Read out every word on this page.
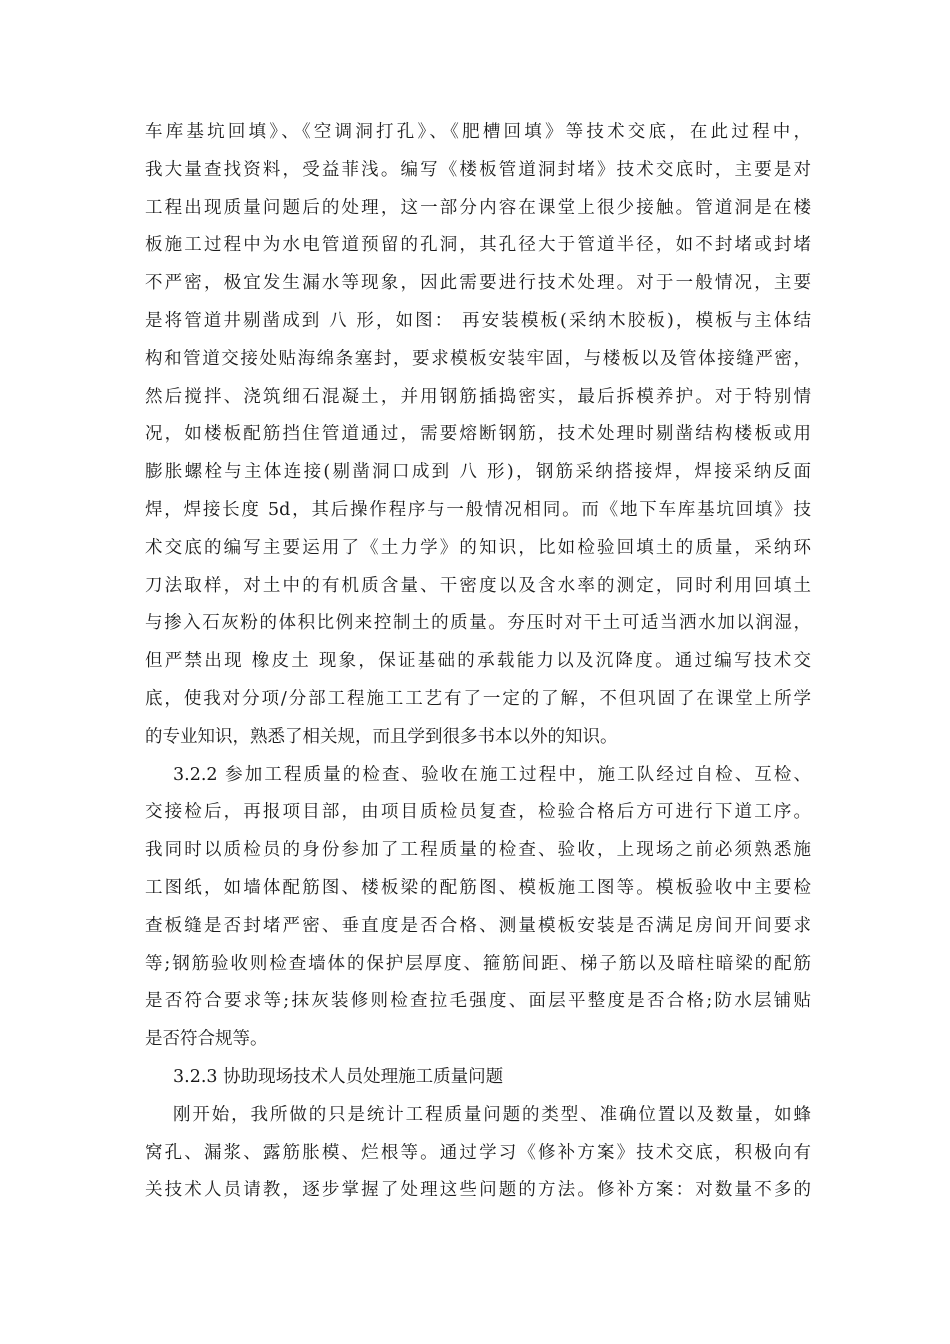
车库基坑回填》、《空调洞打孔》、《肥槽回填》等技术交底，在此过程中，
我大量查找资料，受益菲浅。编写《楼板管道洞封堵》技术交底时，主要是对
工程出现质量问题后的处理，这一部分内容在课堂上很少接触。管道洞是在楼
板施工过程中为水电管道预留的孔洞，其孔径大于管道半径，如不封堵或封堵
不严密，极宜发生漏水等现象，因此需要进行技术处理。对于一般情况，主要
是将管道井剔凿成到 八 形，如图： 再安装模板(采纳木胶板)，模板与主体结
构和管道交接处贴海绵条塞封，要求模板安装牢固，与楼板以及管体接缝严密，
然后搅拌、浇筑细石混凝土，并用钢筋插捣密实，最后拆模养护。对于特别情
况，如楼板配筋挡住管道通过，需要熔断钢筋，技术处理时剔凿结构楼板或用
膨胀螺栓与主体连接(剔凿洞口成到 八 形)，钢筋采纳搭接焊，焊接采纳反面
焊，焊接长度 5d，其后操作程序与一般情况相同。而《地下车库基坑回填》技
术交底的编写主要运用了《土力学》的知识，比如检验回填土的质量，采纳环
刀法取样，对土中的有机质含量、干密度以及含水率的测定，同时利用回填土
与掺入石灰粉的体积比例来控制土的质量。夯压时对干土可适当洒水加以润湿，
但严禁出现 橡皮土 现象，保证基础的承载能力以及沉降度。通过编写技术交
底，使我对分项/分部工程施工工艺有了一定的了解，不但巩固了在课堂上所学
的专业知识，熟悉了相关规，而且学到很多书本以外的知识。
3.2.2 参加工程质量的检查、验收在施工过程中，施工队经过自检、互检、
交接检后，再报项目部，由项目质检员复查，检验合格后方可进行下道工序。
我同时以质检员的身份参加了工程质量的检查、验收，上现场之前必须熟悉施
工图纸，如墙体配筋图、楼板梁的配筋图、模板施工图等。模板验收中主要检
查板缝是否封堵严密、垂直度是否合格、测量模板安装是否满足房间开间要求
等;钢筋验收则检查墙体的保护层厚度、箍筋间距、梯子筋以及暗柱暗梁的配筋
是否符合要求等;抹灰装修则检查拉毛强度、面层平整度是否合格;防水层铺贴
是否符合规等。
3.2.3 协助现场技术人员处理施工质量问题
刚开始，我所做的只是统计工程质量问题的类型、准确位置以及数量，如蜂
窝孔、漏浆、露筋胀模、烂根等。通过学习《修补方案》技术交底，积极向有
关技术人员请教，逐步掌握了处理这些问题的方法。修补方案：对数量不多的
